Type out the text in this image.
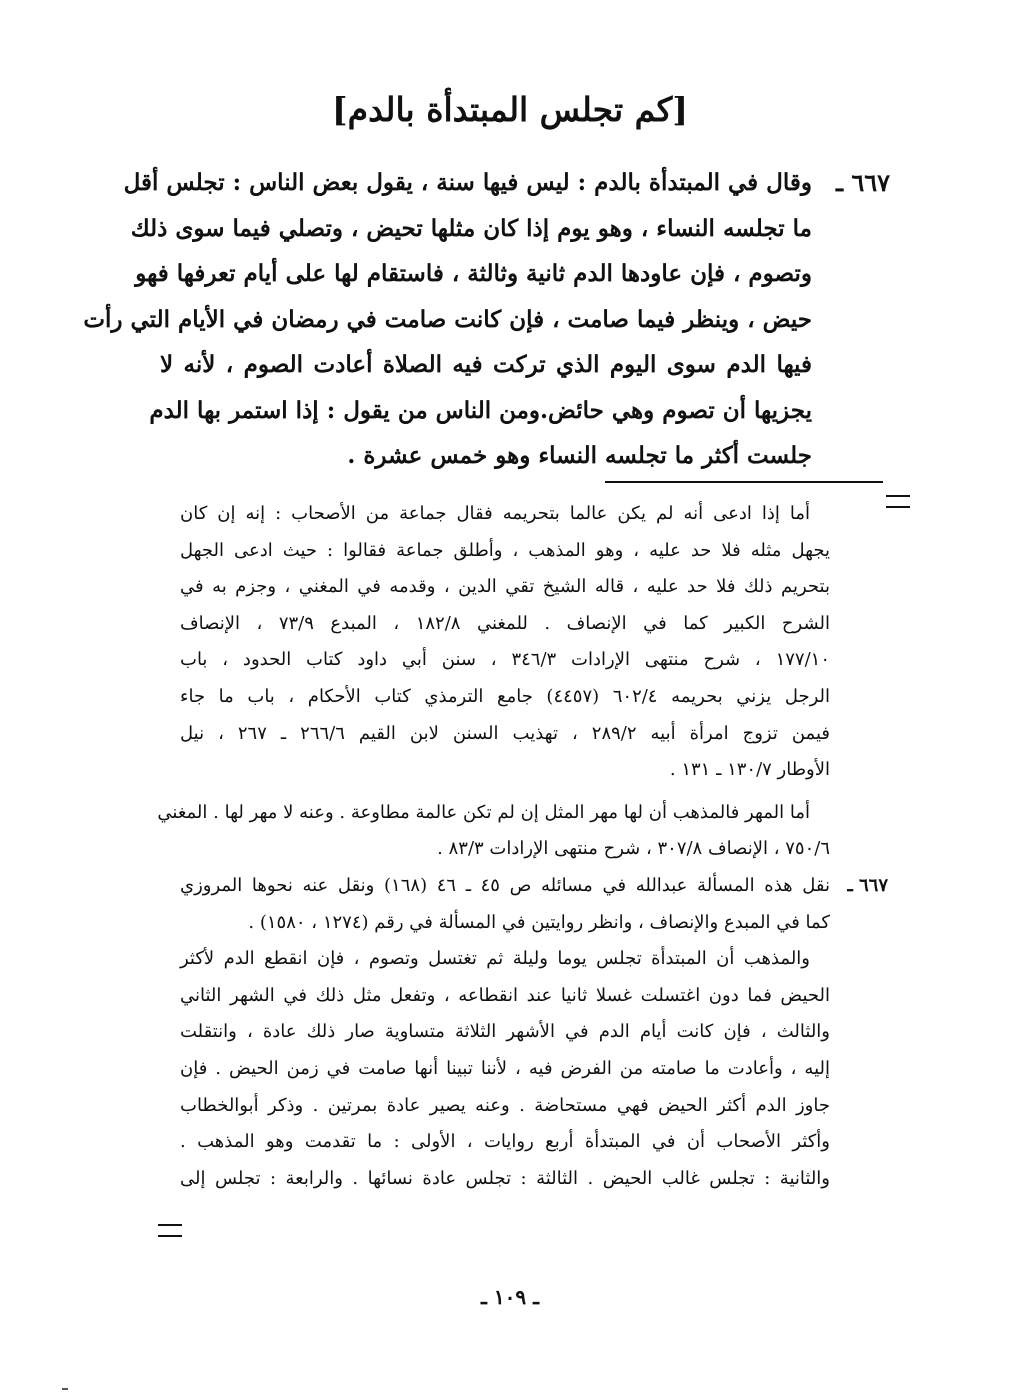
[كم تجلس المبتدأة بالدم]
٦٦٧ ـ
وقال في المبتدأة بالدم : ليس فيها سنة ، يقول بعض الناس : تجلس أقل
ما تجلسه النساء ، وهو يوم إذا كان مثلها تحيض ، وتصلي فيما سوى ذلك
وتصوم ، فإن عاودها الدم ثانية وثالثة ، فاستقام لها على أيام تعرفها فهو
حيض ، وينظر فيما صامت ، فإن كانت صامت في رمضان في الأيام التي رأت
فيها الدم سوى اليوم الذي تركت فيه الصلاة أعادت الصوم ، لأنه لا
يجزيها أن تصوم وهي حائض.ومن الناس من يقول : إذا استمر بها الدم
جلست أكثر ما تجلسه النساء وهو خمس عشرة .
أما إذا ادعى أنه لم يكن عالما بتحريمه فقال جماعة من الأصحاب : إنه إن كان
يجهل مثله فلا حد عليه ، وهو المذهب ، وأطلق جماعة فقالوا : حيث ادعى الجهل
بتحريم ذلك فلا حد عليه ، قاله الشيخ تقي الدين ، وقدمه في المغني ، وجزم به في
الشرح الكبير كما في الإنصاف . للمغني ١٨٢/٨ ، المبدع ٧٣/٩ ، الإنصاف
١٧٧/١٠ ، شرح منتهى الإرادات ٣٤٦/٣ ، سنن أبي داود كتاب الحدود ، باب
الرجل يزني بحريمه ٦٠٢/٤ (٤٤٥٧) جامع الترمذي كتاب الأحكام ، باب ما جاء
فيمن تزوج امرأة أبيه ٢٨٩/٢ ، تهذيب السنن لابن القيم ٢٦٦/٦ ـ ٢٦٧ ، نيل
الأوطار ١٣٠/٧ ـ ١٣١ .
أما المهر فالمذهب أن لها مهر المثل إن لم تكن عالمة مطاوعة . وعنه لا مهر لها . المغني
٧٥٠/٦ ، الإنصاف ٣٠٧/٨ ، شرح منتهى الإرادات ٨٣/٣ .
٦٦٧ ـ
نقل هذه المسألة عبدالله في مسائله ص ٤٥ ـ ٤٦ (١٦٨) ونقل عنه نحوها المروزي
كما في المبدع والإنصاف ، وانظر روايتين في المسألة في رقم (١٢٧٤ ، ١٥٨٠) .
والمذهب أن المبتدأة تجلس يوما وليلة ثم تغتسل وتصوم ، فإن انقطع الدم لأكثر
الحيض فما دون اغتسلت غسلا ثانيا عند انقطاعه ، وتفعل مثل ذلك في الشهر الثاني
والثالث ، فإن كانت أيام الدم في الأشهر الثلاثة متساوية صار ذلك عادة ، وانتقلت
إليه ، وأعادت ما صامته من الفرض فيه ، لأننا تبينا أنها صامت في زمن الحيض . فإن
جاوز الدم أكثر الحيض فهي مستحاضة . وعنه يصير عادة بمرتين . وذكر أبوالخطاب
وأكثر الأصحاب أن في المبتدأة أربع روايات ، الأولى : ما تقدمت وهو المذهب .
والثانية : تجلس غالب الحيض . الثالثة : تجلس عادة نسائها . والرابعة : تجلس إلى
ـ ١٠٩ ـ
